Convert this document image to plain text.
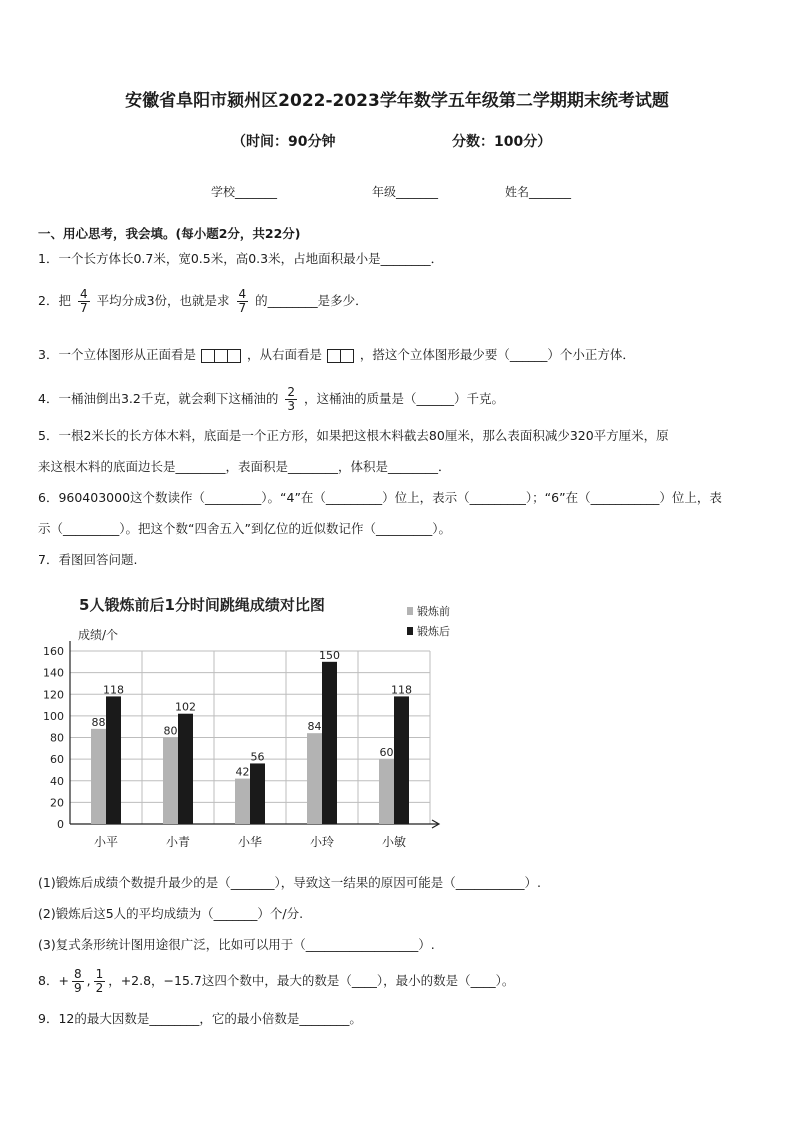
安徽省阜阳市颍州区2022-2023学年数学五年级第二学期期末统考试题
（时间：90分钟	分数：100分）
学校_______	年级_______	姓名_______
一、用心思考，我会填。(每小题2分，共22分)
1．一个长方体长0.7米，宽0.5米，高0.3米，占地面积最小是________．
2．把 $\frac{4}{7}$ 平均分成3份，也就是求 $\frac{4}{7}$ 的________是多少．
3．一个立体图形从正面看是	，从右面看是	，搭这个立体图形最少要（______）个小正方体．
4．一桶油倒出3.2千克，就会剩下这桶油的 $\frac{2}{3}$ ，这桶油的质量是（______）千克。
5．一根2米长的长方体木料，底面是一个正方形，如果把这根木料截去80厘米，那么表面积减少320平方厘米，原
来这根木料的底面边长是________，表面积是________，体积是________．
6．960403000这个数读作（_________）。“4”在（_________）位上，表示（_________）；“6”在（___________）位上，表
示（_________）。把这个数“四舍五入”到亿位的近似数记作（_________）。
7．看图回答问题.
5人锻炼前后1分时间跳绳成绩对比图
成绩/个
0
20
40
60
80
100
120
140
160
88
118
小平
80
102
小青
42
56
小华
84
150
小玲
60
118
小敏
锻炼前
锻炼后
(1)锻炼后成绩个数提升最少的是（_______），导致这一结果的原因可能是（___________）.
(2)锻炼后这5人的平均成绩为（_______）个/分.
(3)复式条形统计图用途很广泛，比如可以用于（__________________）.
8．+ $\frac{8}{9}$ , $\frac{1}{2}$ ，+2.8，−15.7这四个数中，最大的数是（____），最小的数是（____）。
9．12的最大因数是________，它的最小倍数是________。
